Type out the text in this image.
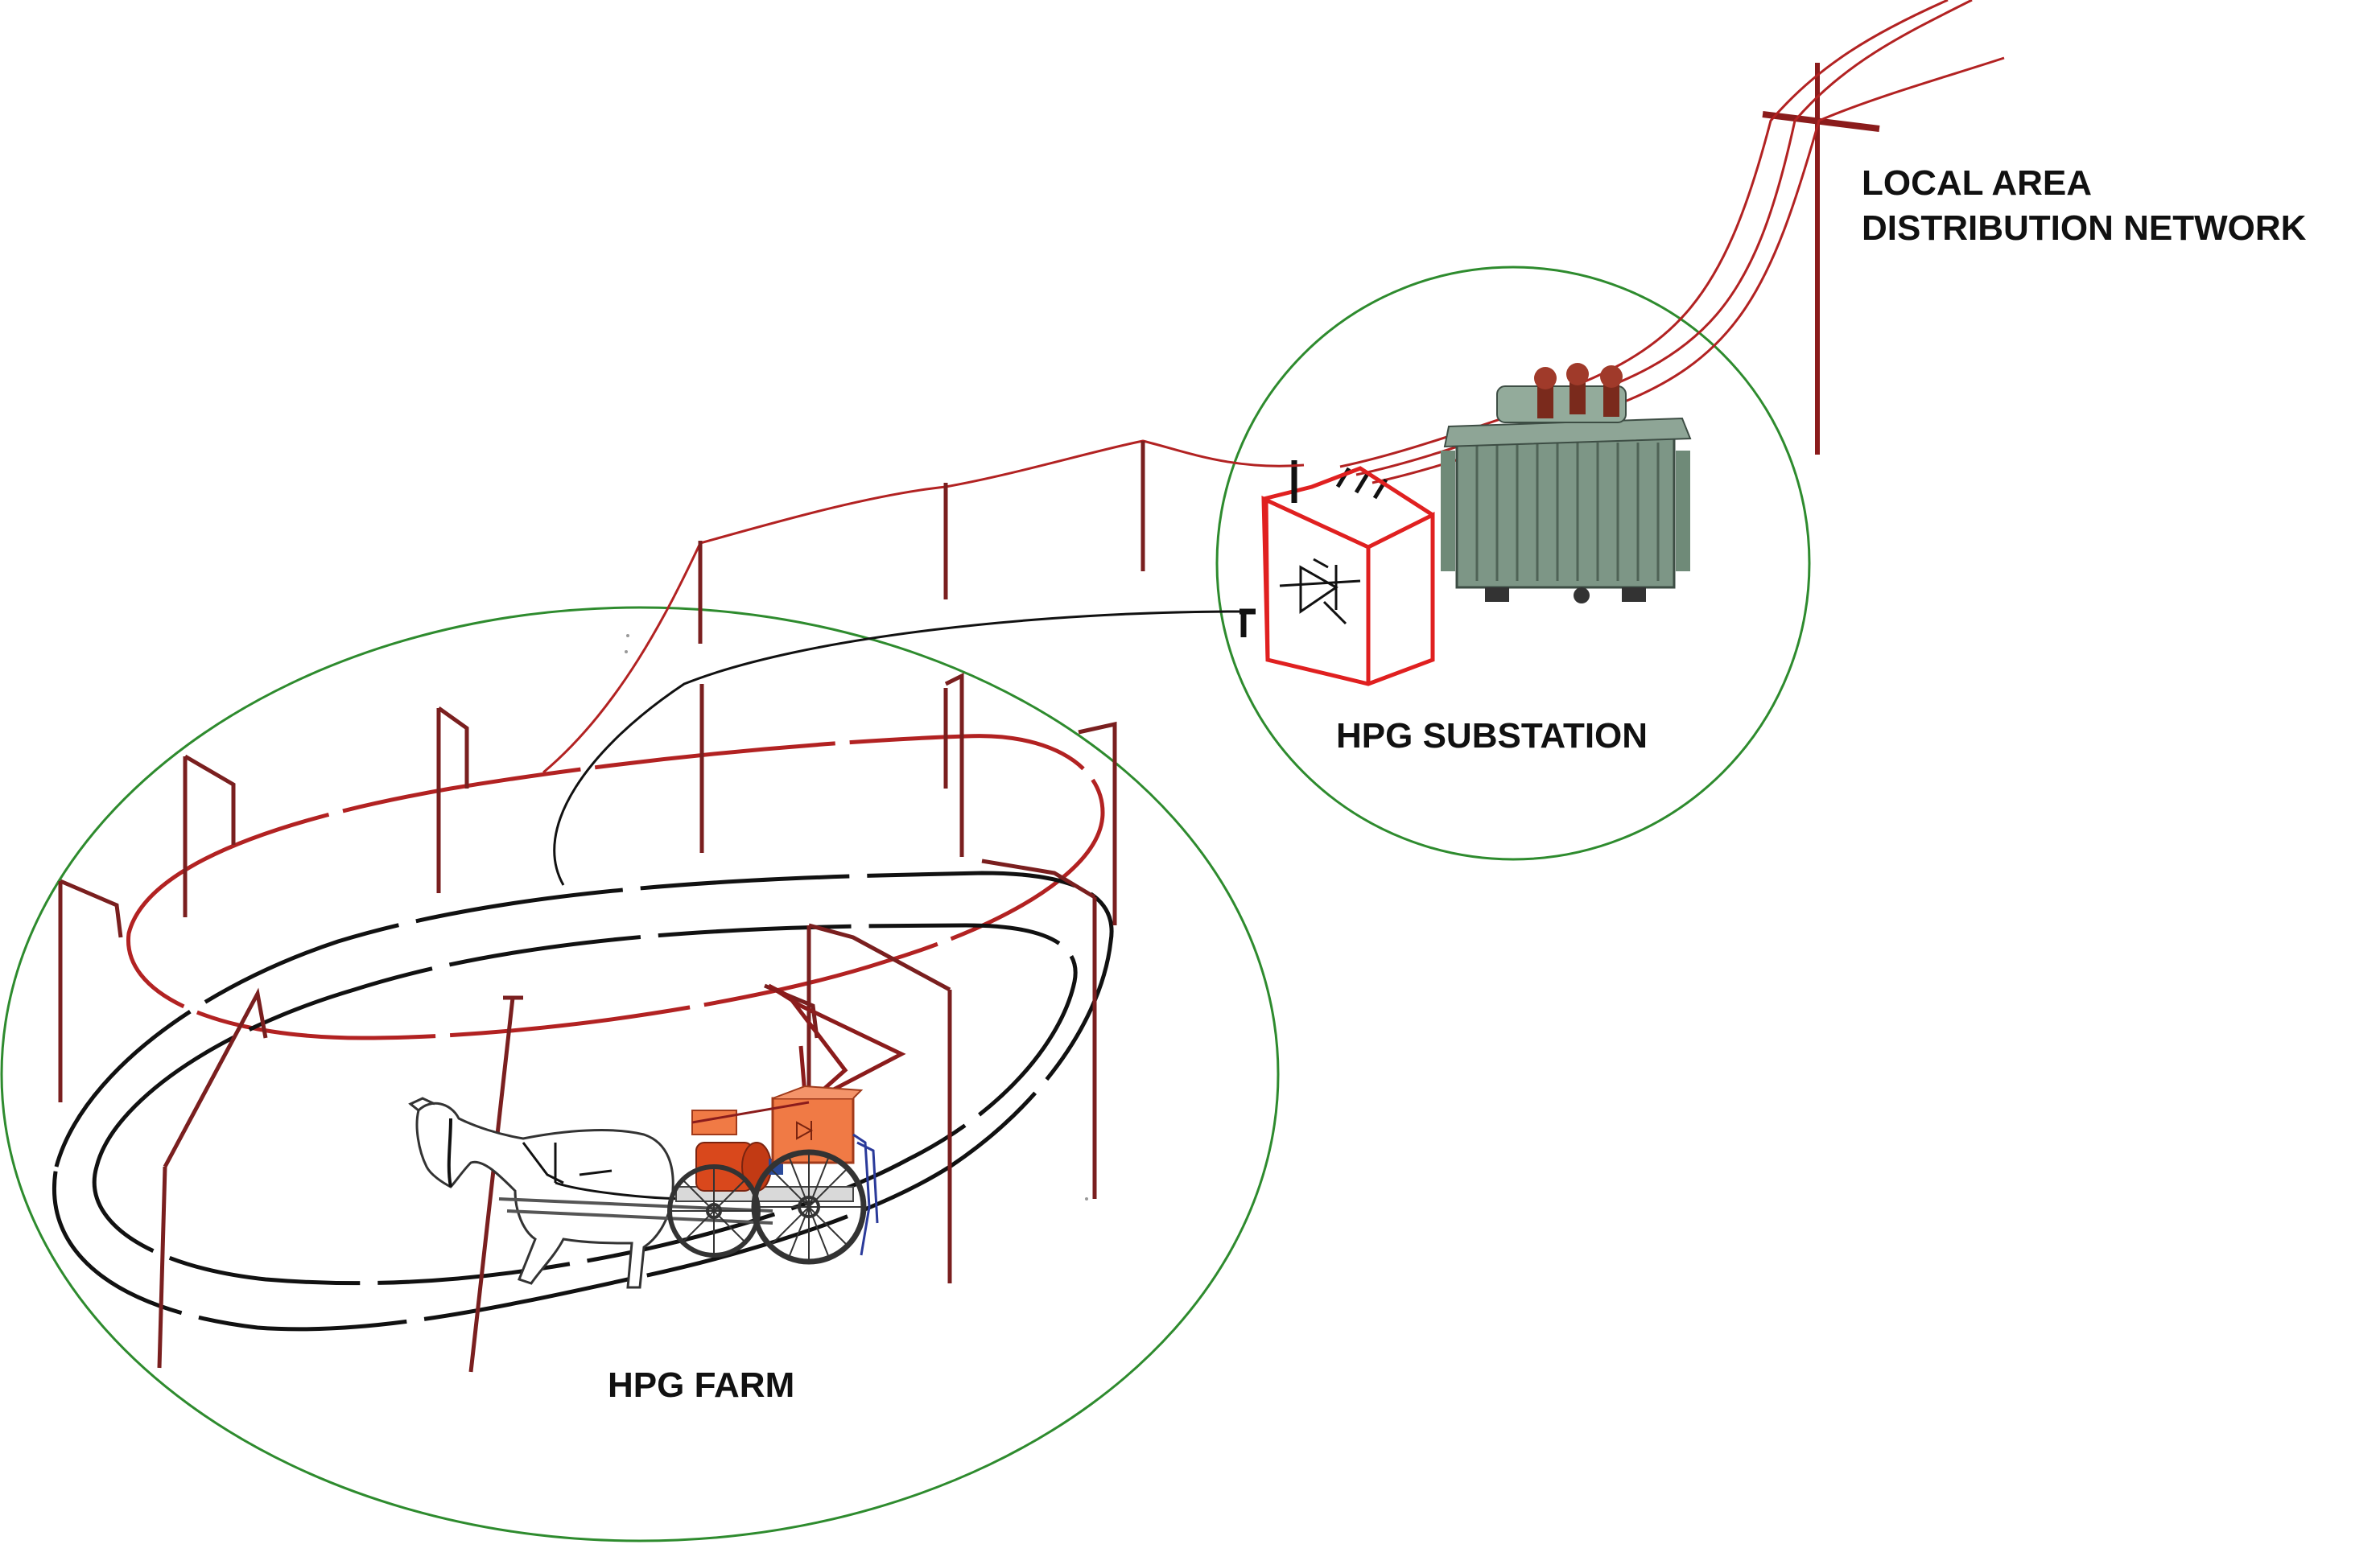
HPG FARM
HPG SUBSTATION
LOCAL AREA
DISTRIBUTION NETWORK
